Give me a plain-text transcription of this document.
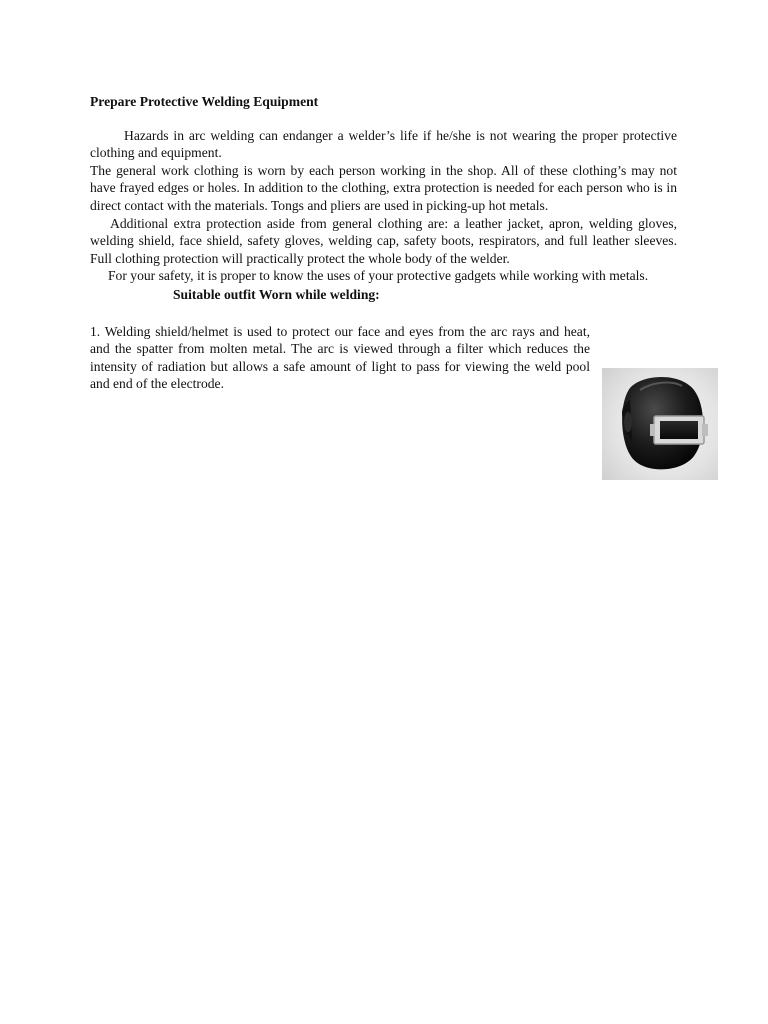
Prepare Protective Welding Equipment

Hazards in arc welding can endanger a welder’s life if he/she is not wearing the proper protective clothing and equipment.

The general work clothing is worn by each person working in the shop. All of these clothing’s may not have frayed edges or holes. In addition to the clothing, extra protection is needed for each person who is in direct contact with the materials. Tongs and pliers are used in picking-up hot metals.

Additional extra protection aside from general clothing are: a leather jacket, apron, welding gloves, welding shield, face shield, safety gloves, welding cap, safety boots, respirators, and full leather sleeves. Full clothing protection will practically protect the whole body of the welder.

For your safety, it is proper to know the uses of your protective gadgets while working with metals.

Suitable outfit Worn while welding:

1. Welding shield/helmet is used to protect our face and eyes from the arc rays and heat, and the spatter from molten metal. The arc is viewed through a filter which reduces the intensity of radiation but allows a safe amount of light to pass for viewing the weld pool and end of the electrode.
